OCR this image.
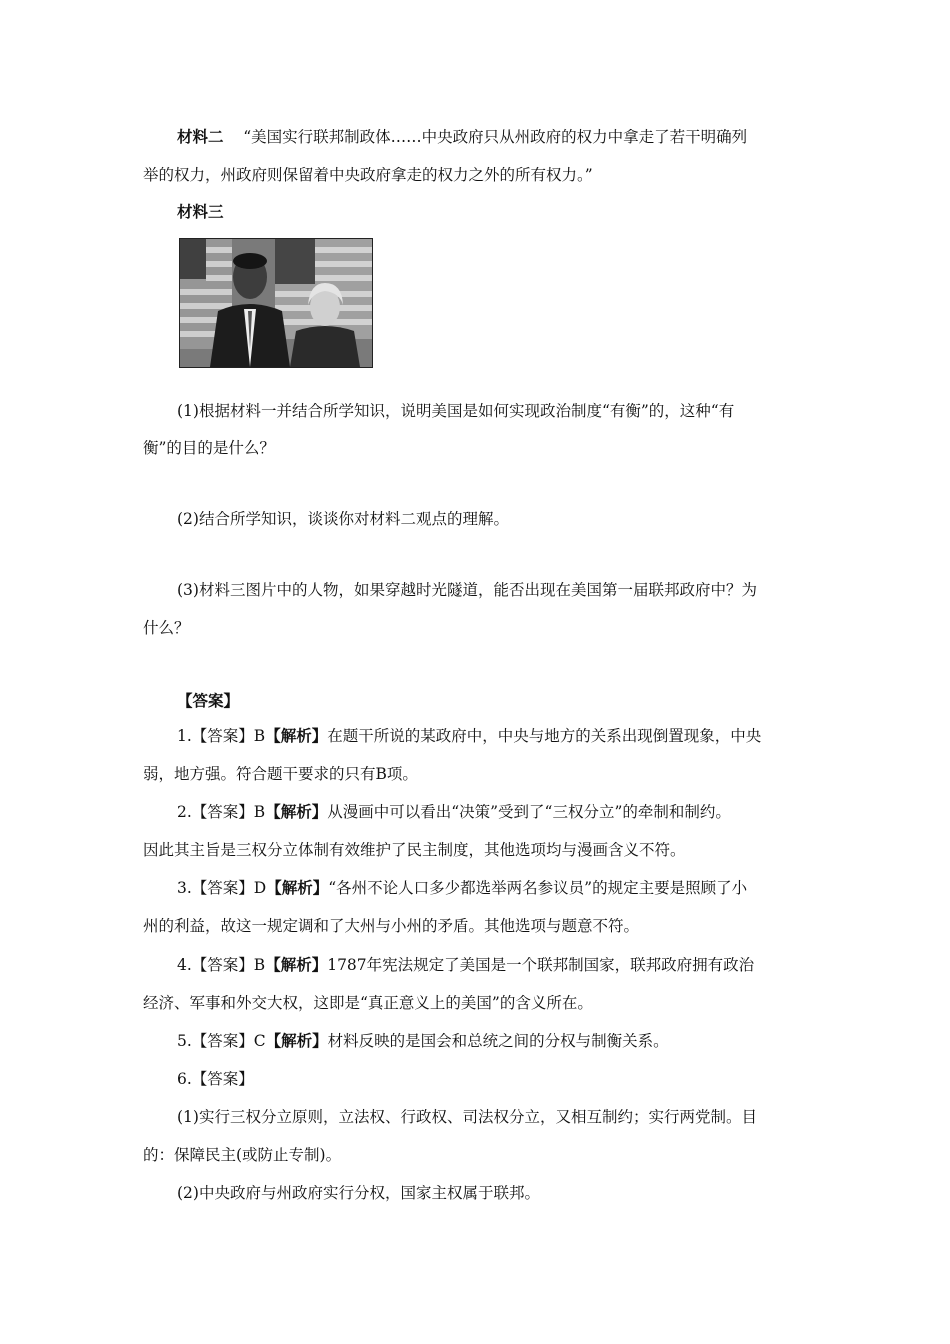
材料二 “美国实行联邦制政体……中央政府只从州政府的权力中拿走了若干明确列
举的权力，州政府则保留着中央政府拿走的权力之外的所有权力。”
材料三
(1)根据材料一并结合所学知识，说明美国是如何实现政治制度“有衡”的，这种“有
衡”的目的是什么？
(2)结合所学知识，谈谈你对材料二观点的理解。
(3)材料三图片中的人物，如果穿越时光隧道，能否出现在美国第一届联邦政府中？为
什么？
【答案】
1.【答案】B【解析】在题干所说的某政府中，中央与地方的关系出现倒置现象，中央
弱，地方强。符合题干要求的只有B项。
2.【答案】B【解析】从漫画中可以看出“决策”受到了“三权分立”的牵制和制约。
因此其主旨是三权分立体制有效维护了民主制度，其他选项均与漫画含义不符。
3.【答案】D【解析】“各州不论人口多少都选举两名参议员”的规定主要是照顾了小
州的利益，故这一规定调和了大州与小州的矛盾。其他选项与题意不符。
4.【答案】B【解析】1787年宪法规定了美国是一个联邦制国家，联邦政府拥有政治
经济、军事和外交大权，这即是“真正意义上的美国”的含义所在。
5.【答案】C【解析】材料反映的是国会和总统之间的分权与制衡关系。
6.【答案】
(1)实行三权分立原则，立法权、行政权、司法权分立，又相互制约；实行两党制。目
的：保障民主(或防止专制)。
(2)中央政府与州政府实行分权，国家主权属于联邦。
